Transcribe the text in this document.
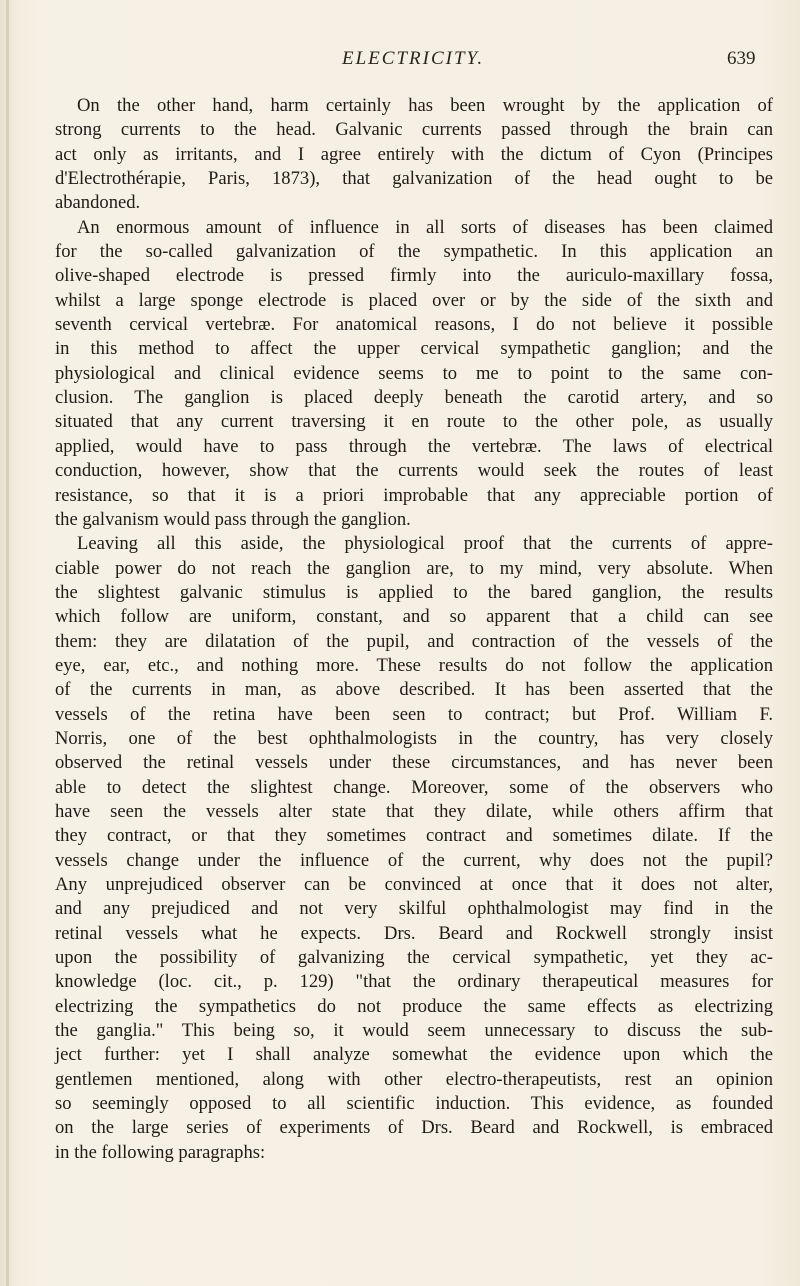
ELECTRICITY.	639
On the other hand, harm certainly has been wrought by the application of
strong currents to the head. Galvanic currents passed through the brain can
act only as irritants, and I agree entirely with the dictum of Cyon (Principes
d'Electrothérapie, Paris, 1873), that galvanization of the head ought to be
abandoned.
An enormous amount of influence in all sorts of diseases has been claimed
for the so-called galvanization of the sympathetic. In this application an
olive-shaped electrode is pressed firmly into the auriculo-maxillary fossa,
whilst a large sponge electrode is placed over or by the side of the sixth and
seventh cervical vertebræ. For anatomical reasons, I do not believe it possible
in this method to affect the upper cervical sympathetic ganglion; and the
physiological and clinical evidence seems to me to point to the same con-
clusion. The ganglion is placed deeply beneath the carotid artery, and so
situated that any current traversing it en route to the other pole, as usually
applied, would have to pass through the vertebræ. The laws of electrical
conduction, however, show that the currents would seek the routes of least
resistance, so that it is a priori improbable that any appreciable portion of
the galvanism would pass through the ganglion.
Leaving all this aside, the physiological proof that the currents of appre-
ciable power do not reach the ganglion are, to my mind, very absolute. When
the slightest galvanic stimulus is applied to the bared ganglion, the results
which follow are uniform, constant, and so apparent that a child can see
them: they are dilatation of the pupil, and contraction of the vessels of the
eye, ear, etc., and nothing more. These results do not follow the application
of the currents in man, as above described. It has been asserted that the
vessels of the retina have been seen to contract; but Prof. William F.
Norris, one of the best ophthalmologists in the country, has very closely
observed the retinal vessels under these circumstances, and has never been
able to detect the slightest change. Moreover, some of the observers who
have seen the vessels alter state that they dilate, while others affirm that
they contract, or that they sometimes contract and sometimes dilate. If the
vessels change under the influence of the current, why does not the pupil?
Any unprejudiced observer can be convinced at once that it does not alter,
and any prejudiced and not very skilful ophthalmologist may find in the
retinal vessels what he expects. Drs. Beard and Rockwell strongly insist
upon the possibility of galvanizing the cervical sympathetic, yet they ac-
knowledge (loc. cit., p. 129) "that the ordinary therapeutical measures for
electrizing the sympathetics do not produce the same effects as electrizing
the ganglia." This being so, it would seem unnecessary to discuss the sub-
ject further: yet I shall analyze somewhat the evidence upon which the
gentlemen mentioned, along with other electro-therapeutists, rest an opinion
so seemingly opposed to all scientific induction. This evidence, as founded
on the large series of experiments of Drs. Beard and Rockwell, is embraced
in the following paragraphs:
